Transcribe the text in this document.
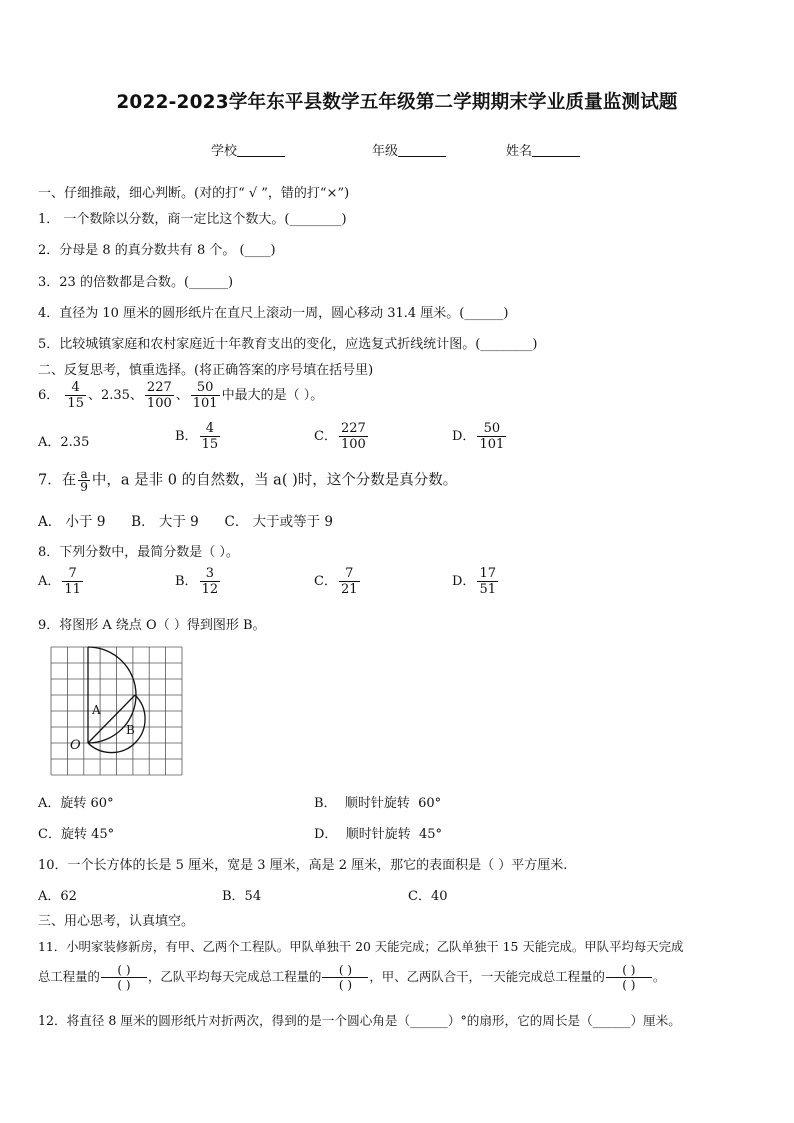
2022-2023学年东平县数学五年级第二学期期末学业质量监测试题
学校	年级	姓名
一、仔细推敲，细心判断。(对的打“ √ ”，错的打“×”)
1． 一个数除以分数，商一定比这个数大。(________)
2．分母是 8 的真分数共有 8 个。 (____)
3．23 的倍数都是合数。(______)
4．直径为 10 厘米的圆形纸片在直尺上滚动一周，圆心移动 31.4 厘米。(______)
5．比较城镇家庭和农村家庭近十年教育支出的变化，应选复式折线统计图。(________)
二、反复思考，慎重选择。(将正确答案的序号填在括号里)
6． $\frac{4}{15}$ 、2.35、 $\frac{227}{100}$ 、 $\frac{50}{101}$ 中最大的是（ ）。
A．2.35	B． $\frac{4}{15}$	C． $\frac{227}{100}$	D． $\frac{50}{101}$
7．在 $\frac{a}{9}$ 中，a 是非 0 的自然数，当 a( )时，这个分数是真分数。
A． 小于 9      B． 大于 9      C． 大于或等于 9
8．下列分数中，最简分数是（ ）。
A． $\frac{7}{11}$	B． $\frac{3}{12}$	C． $\frac{7}{21}$	D． $\frac{17}{51}$
9．将图形 A 绕点 O（ ）得到图形 B。
A
B
O
A．旋转 60°	B．  顺时针旋转  60°
C．旋转 45°	D．  顺时针旋转  45°
10．一个长方体的长是 5 厘米，宽是 3 厘米，高是 2 厘米，那它的表面积是（ ）平方厘米.
A．62	B．54	C．40
三、用心思考，认真填空。
11．小明家装修新房，有甲、乙两个工程队。甲队单独干 20 天能完成；乙队单独干 15 天能完成。甲队平均每天完成
总工程量的 ( )
( )
，乙队平均每天完成总工程量的 ( )
( )
，甲、乙两队合干，一天能完成总工程量的 ( )
( )
。
12．将直径 8 厘米的圆形纸片对折两次，得到的是一个圆心角是（______）°的扇形，它的周长是（______）厘米。
